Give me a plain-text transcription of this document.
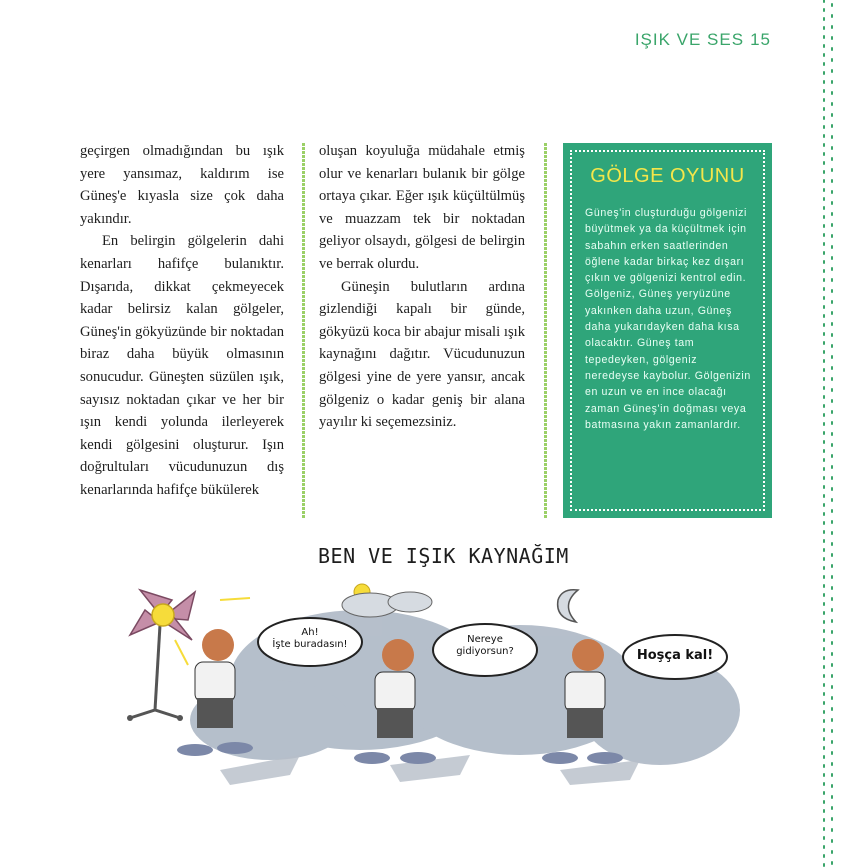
IŞIK VE SES 15

geçirgen olmadığından bu ışık yere yansımaz, kaldırım ise Güneş'e kıyasla size çok daha yakındır.

En belirgin gölgelerin dahi kenarları hafifçe bulanıktır. Dışarıda, dikkat çekmeyecek kadar belirsiz kalan gölgeler, Güneş'in gökyüzünde bir noktadan biraz daha büyük olmasının sonucudur. Güneşten süzülen ışık, sayısız noktadan çıkar ve her bir ışın kendi yolunda ilerleyerek kendi gölgesini oluşturur. Işın doğrultuları vücudunuzun dış kenarlarında hafifçe bükülerek

oluşan koyuluğa müdahale etmiş olur ve kenarları bulanık bir gölge ortaya çıkar. Eğer ışık küçültülmüş ve muazzam tek bir noktadan geliyor olsaydı, gölgesi de belirgin ve berrak olurdu.

Güneşin bulutların ardına gizlendiği kapalı bir günde, gökyüzü koca bir abajur misali ışık kaynağını dağıtır. Vücudunuzun gölgesi yine de yere yansır, ancak gölgeniz o kadar geniş bir alana yayılır ki seçemezsiniz.

GÖLGE OYUNU
Güneş'in cluşturduğu gölgenizi büyütmek ya da küçültmek için sabahın erken saatlerinden öğlene kadar birkaç kez dışarı çıkın ve gölgenizi kentrol edin. Gölgeniz, Güneş yeryüzüne yakınken daha uzun, Güneş daha yukarıdayken daha kısa olacaktır. Güneş tam tepedeyken, gölgeniz neredeyse kaybolur. Gölgenizin en uzun ve en ince olacağı zaman Güneş'in doğması veya batmasına yakın zamanlardır.
BEN VE IŞIK KAYNAĞIM
Ah!
İşte buradasın!	Nereye
gidiyorsun?	Hoşça kal!
